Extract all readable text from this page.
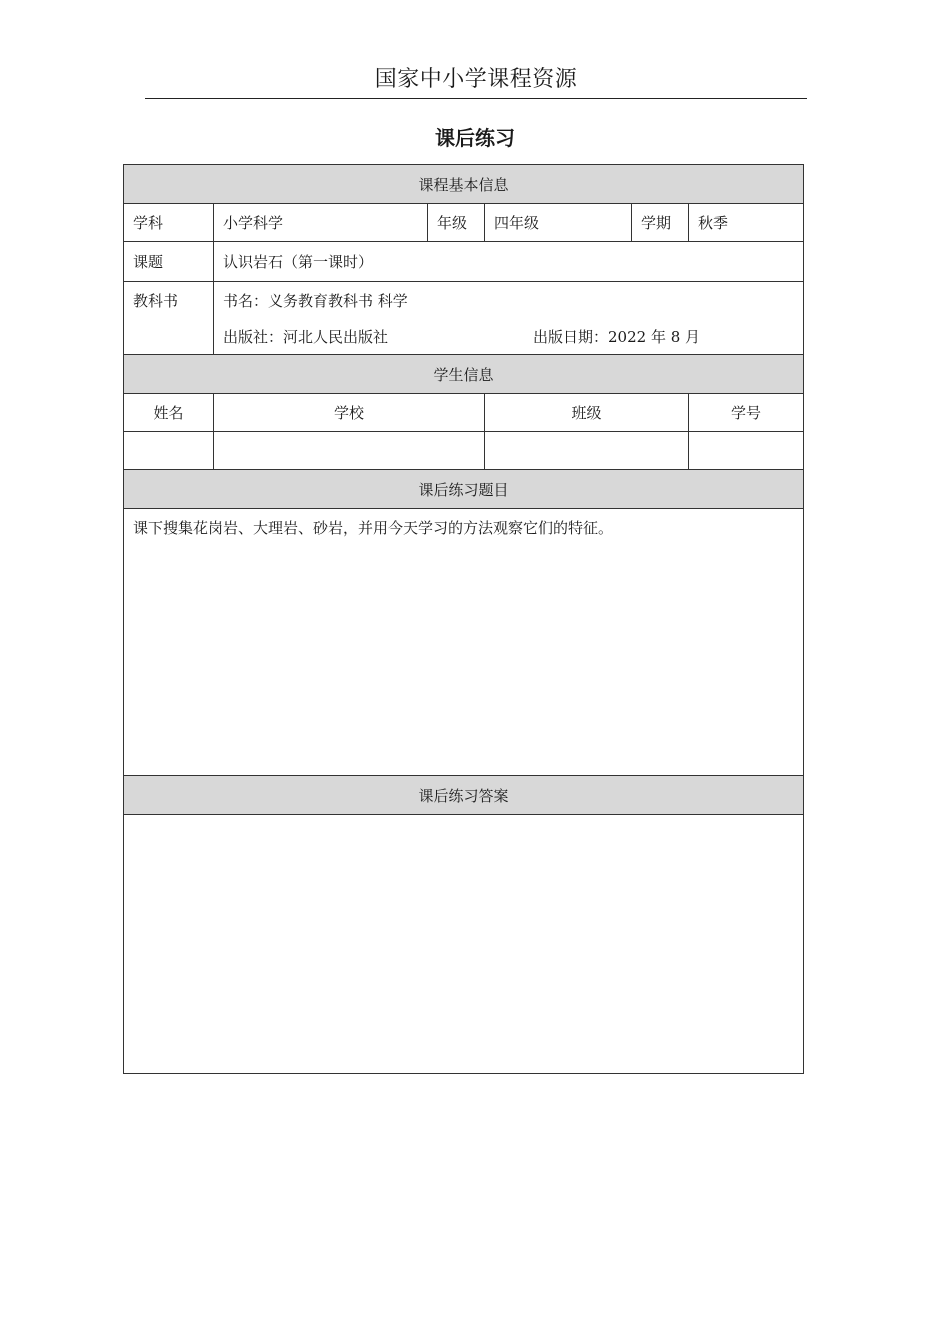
国家中小学课程资源
课后练习
课程基本信息					
学科	小学科学	年级	四年级	学期	秋季
课题	认识岩石（第一课时）				
教科书	书名：义务教育教科书 科学
出版社：河北人民出版社 出版日期：2022 年 8 月				

学生信息					
姓名	学校		班级		学号

课后练习题目					
课下搜集花岗岩、大理岩、砂岩，并用今天学习的方法观察它们的特征。					
课后练习答案					
